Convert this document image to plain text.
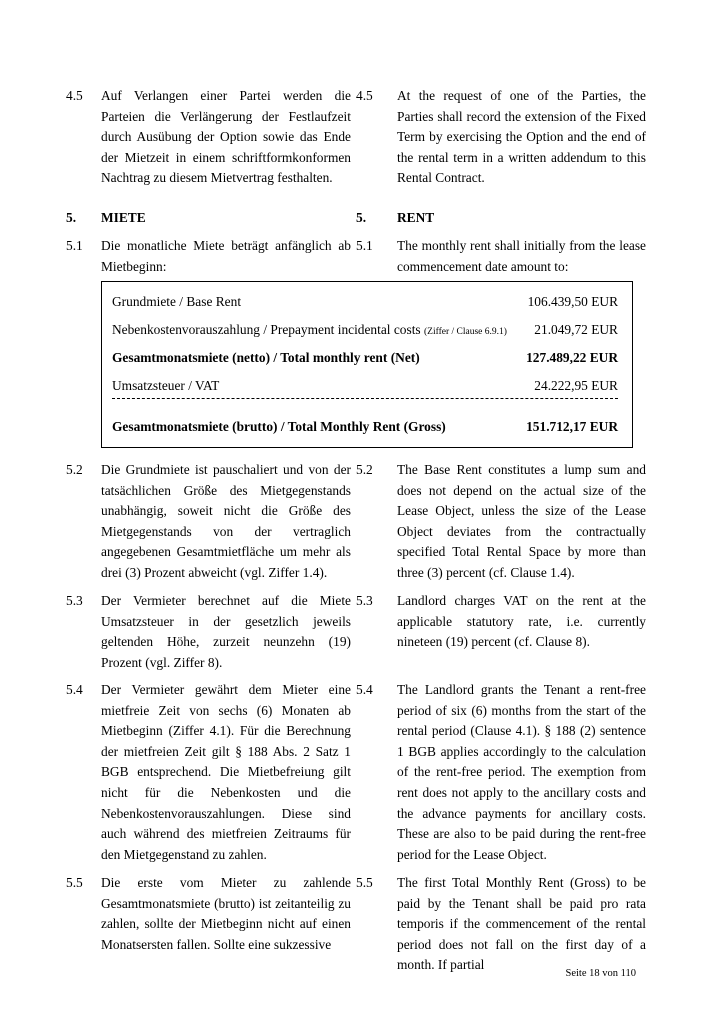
4.5 Auf Verlangen einer Partei werden die Parteien die Verlängerung der Festlaufzeit durch Ausübung der Option sowie das Ende der Mietzeit in einem schriftformkonformen Nachtrag zu diesem Mietvertrag festhalten.
4.5 At the request of one of the Parties, the Parties shall record the extension of the Fixed Term by exercising the Option and the end of the rental term in a written addendum to this Rental Contract.
5. MIETE	5. RENT
5.1 Die monatliche Miete beträgt anfänglich ab Mietbeginn:
5.1 The monthly rent shall initially from the lease commencement date amount to:
Grundmiete / Base Rent	106.439,50 EUR
Nebenkostenvorauszahlung / Prepayment incidental costs (Ziffer / Clause 6.9.1) 21.049,72 EUR
Gesamtmonatsmiete (netto) / Total monthly rent (Net)	127.489,22 EUR
Umsatzsteuer / VAT	24.222,95 EUR
Gesamtmonatsmiete (brutto) / Total Monthly Rent (Gross)	151.712,17 EUR
5.2 Die Grundmiete ist pauschaliert und von der tatsächlichen Größe des Mietgegenstands unabhängig, soweit nicht die Größe des Mietgegenstands von der vertraglich angegebenen Gesamtmietfläche um mehr als drei (3) Prozent abweicht (vgl. Ziffer 1.4).
5.2 The Base Rent constitutes a lump sum and does not depend on the actual size of the Lease Object, unless the size of the Lease Object deviates from the contractually specified Total Rental Space by more than three (3) percent (cf. Clause 1.4).
5.3 Der Vermieter berechnet auf die Miete Umsatzsteuer in der gesetzlich jeweils geltenden Höhe, zurzeit neunzehn (19) Prozent (vgl. Ziffer 8).
5.3 Landlord charges VAT on the rent at the applicable statutory rate, i.e. currently nineteen (19) percent (cf. Clause 8).
5.4 Der Vermieter gewährt dem Mieter eine mietfreie Zeit von sechs (6) Monaten ab Mietbeginn (Ziffer 4.1). Für die Berechnung der mietfreien Zeit gilt § 188 Abs. 2 Satz 1 BGB entsprechend. Die Mietbefreiung gilt nicht für die Nebenkosten und die Nebenkostenvorauszahlungen. Diese sind auch während des mietfreien Zeitraums für den Mietgegenstand zu zahlen.
5.4 The Landlord grants the Tenant a rent-free period of six (6) months from the start of the rental period (Clause 4.1). § 188 (2) sentence 1 BGB applies accordingly to the calculation of the rent-free period. The exemption from rent does not apply to the ancillary costs and the advance payments for ancillary costs. These are also to be paid during the rent-free period for the Lease Object.
5.5 Die erste vom Mieter zu zahlende Gesamtmonatsmiete (brutto) ist zeitanteilig zu zahlen, sollte der Mietbeginn nicht auf einen Monatsersten fallen. Sollte eine sukzessive
5.5 The first Total Monthly Rent (Gross) to be paid by the Tenant shall be paid pro rata temporis if the commencement of the rental period does not fall on the first day of a month. If partial
Seite 18 von 110
